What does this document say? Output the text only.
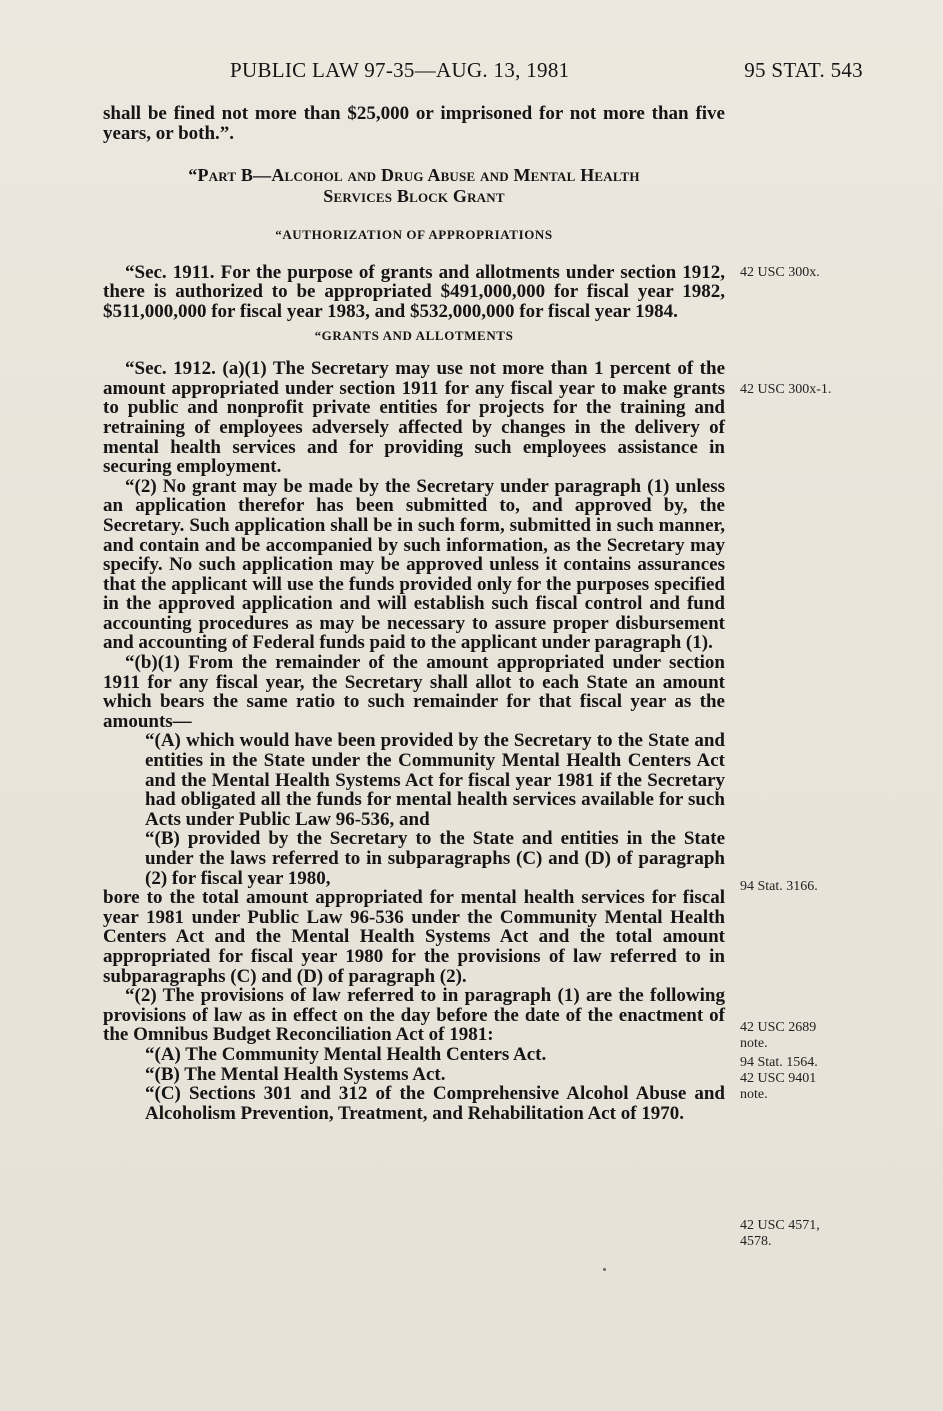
PUBLIC LAW 97-35—AUG. 13, 1981	95 STAT. 543

shall be fined not more than $25,000 or imprisoned for not more than five years, or both.”.

“Part B—Alcohol and Drug Abuse and Mental Health
Services Block Grant

“AUTHORIZATION OF APPROPRIATIONS

“Sec. 1911. For the purpose of grants and allotments under section 1912, there is authorized to be appropriated $491,000,000 for fiscal year 1982, $511,000,000 for fiscal year 1983, and $532,000,000 for fiscal year 1984.

“GRANTS AND ALLOTMENTS

“Sec. 1912. (a)(1) The Secretary may use not more than 1 percent of the amount appropriated under section 1911 for any fiscal year to make grants to public and nonprofit private entities for projects for the training and retraining of employees adversely affected by changes in the delivery of mental health services and for providing such employees assistance in securing employment.

“(2) No grant may be made by the Secretary under paragraph (1) unless an application therefor has been submitted to, and approved by, the Secretary. Such application shall be in such form, submitted in such manner, and contain and be accompanied by such information, as the Secretary may specify. No such application may be approved unless it contains assurances that the applicant will use the funds provided only for the purposes specified in the approved application and will establish such fiscal control and fund accounting procedures as may be necessary to assure proper disbursement and accounting of Federal funds paid to the applicant under paragraph (1).

“(b)(1) From the remainder of the amount appropriated under section 1911 for any fiscal year, the Secretary shall allot to each State an amount which bears the same ratio to such remainder for that fiscal year as the amounts—

“(A) which would have been provided by the Secretary to the State and entities in the State under the Community Mental Health Centers Act and the Mental Health Systems Act for fiscal year 1981 if the Secretary had obligated all the funds for mental health services available for such Acts under Public Law 96-536, and

“(B) provided by the Secretary to the State and entities in the State under the laws referred to in subparagraphs (C) and (D) of paragraph (2) for fiscal year 1980,

bore to the total amount appropriated for mental health services for fiscal year 1981 under Public Law 96-536 under the Community Mental Health Centers Act and the Mental Health Systems Act and the total amount appropriated for fiscal year 1980 for the provisions of law referred to in subparagraphs (C) and (D) of paragraph (2).

“(2) The provisions of law referred to in paragraph (1) are the following provisions of law as in effect on the day before the date of the enactment of the Omnibus Budget Reconciliation Act of 1981:

“(A) The Community Mental Health Centers Act.

“(B) The Mental Health Systems Act.

“(C) Sections 301 and 312 of the Comprehensive Alcohol Abuse and Alcoholism Prevention, Treatment, and Rehabilitation Act of 1970.

42 USC 300x.
42 USC 300x-1.
94 Stat. 3166.
42 USC 2689
note.
94 Stat. 1564.
42 USC 9401
note.
42 USC 4571,
4578.
